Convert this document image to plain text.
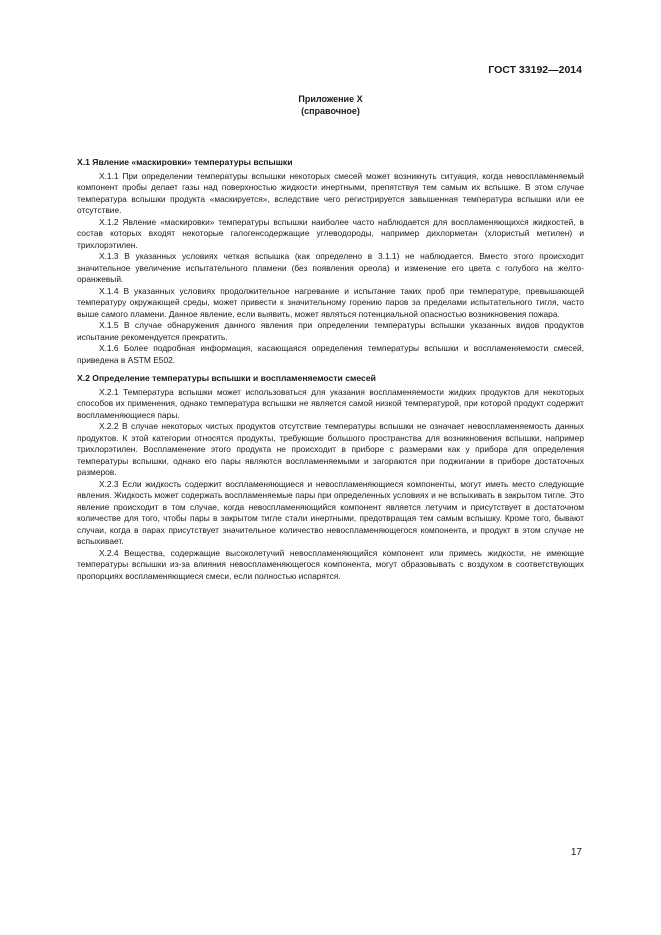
ГОСТ 33192—2014
Приложение X
(справочное)
X.1 Явление «маскировки» температуры вспышки

X.1.1 При определении температуры вспышки некоторых смесей может возникнуть ситуация, когда невоспламеняемый компонент пробы делает газы над поверхностью жидкости инертными, препятствуя тем самым их вспышке. В этом случае температура вспышки продукта «маскируется», вследствие чего регистрируется завышенная температура вспышки или ее отсутствие.

X.1.2 Явление «маскировки» температуры вспышки наиболее часто наблюдается для воспламеняющихся жидкостей, в состав которых входят некоторые галогенсодержащие углеводороды, например дихлорметан (хлористый метилен) и трихлорэтилен.

X.1.3 В указанных условиях четкая вспышка (как определено в 3.1.1) не наблюдается. Вместо этого происходит значительное увеличение испытательного пламени (без появления ореола) и изменение его цвета с голубого на желто-оранжевый.

X.1.4 В указанных условиях продолжительное нагревание и испытание таких проб при температуре, превышающей температуру окружающей среды, может привести к значительному горению паров за пределами испытательного тигля, часто выше самого пламени. Данное явление, если выявить, может являться потенциальной опасностью возникновения пожара.

X.1.5 В случае обнаружения данного явления при определении температуры вспышки указанных видов продуктов испытание рекомендуется прекратить.

X.1.6 Более подробная информация, касающаяся определения температуры вспышки и воспламеняемости смесей, приведена в ASTM E502.

X.2 Определение температуры вспышки и воспламеняемости смесей

X.2.1 Температура вспышки может использоваться для указания воспламеняемости жидких продуктов для некоторых способов их применения, однако температура вспышки не является самой низкой температурой, при которой продукт содержит воспламеняющиеся пары.

X.2.2 В случае некоторых чистых продуктов отсутствие температуры вспышки не означает невоспламеняемость данных продуктов. К этой категории относятся продукты, требующие большого пространства для возникновения вспышки, например трихлорэтилен. Воспламенение этого продукта не происходит в приборе с размерами как у прибора для определения температуры вспышки, однако его пары являются воспламеняемыми и загораются при поджигании в приборе достаточных размеров.

X.2.3 Если жидкость содержит воспламеняющиеся и невоспламеняющиеся компоненты, могут иметь место следующие явления. Жидкость может содержать воспламеняемые пары при определенных условиях и не вспыхивать в закрытом тигле. Это явление происходит в том случае, когда невоспламеняющийся компонент является летучим и присутствует в достаточном количестве для того, чтобы пары в закрытом тигле стали инертными, предотвращая тем самым вспышку. Кроме того, бывают случаи, когда в парах присутствует значительное количество невоспламеняющегося компонента, и продукт в этом случае не вспыхивает.

X.2.4 Вещества, содержащие высоколетучий невоспламеняющийся компонент или примесь жидкости, не имеющие температуры вспышки из-за влияния невоспламеняющегося компонента, могут образовывать с воздухом в соответствующих пропорциях воспламеняющиеся смеси, если полностью испарятся.

17
